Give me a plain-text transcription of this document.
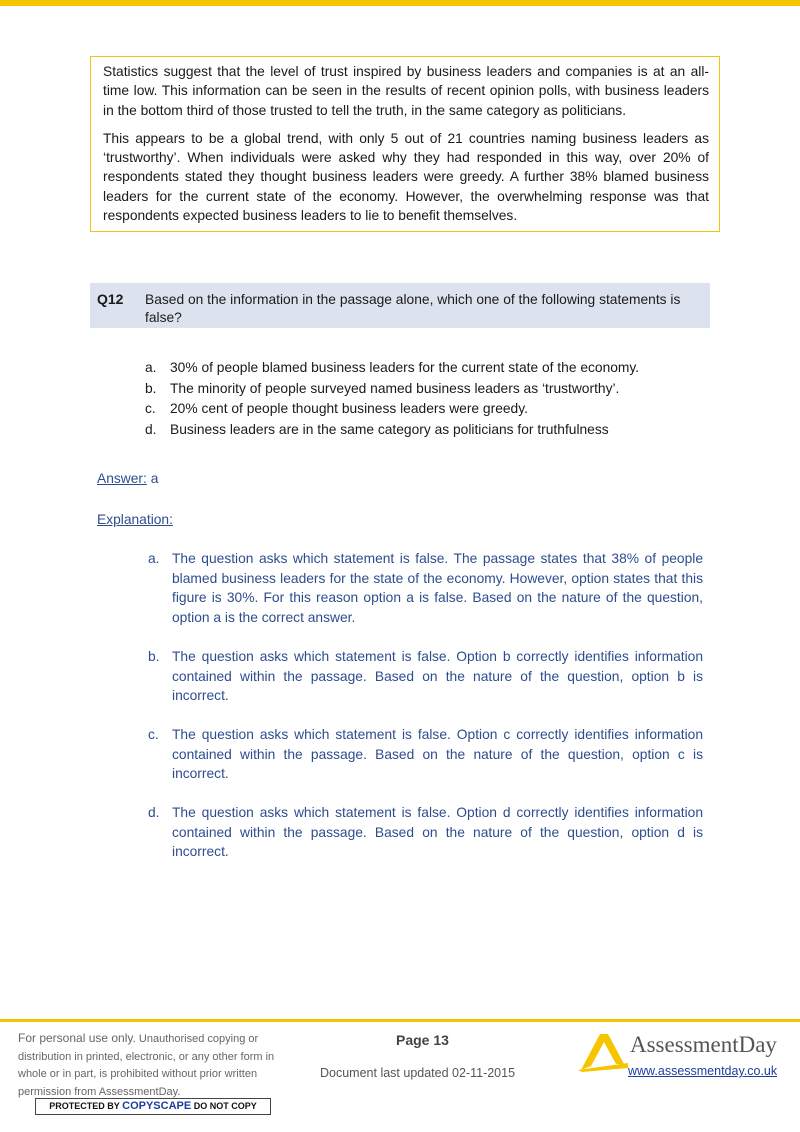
Statistics suggest that the level of trust inspired by business leaders and companies is at an all-time low. This information can be seen in the results of recent opinion polls, with business leaders in the bottom third of those trusted to tell the truth, in the same category as politicians.

This appears to be a global trend, with only 5 out of 21 countries naming business leaders as ‘trustworthy’. When individuals were asked why they had responded in this way, over 20% of respondents stated they thought business leaders were greedy. A further 38% blamed business leaders for the current state of the economy. However, the overwhelming response was that respondents expected business leaders to lie to benefit themselves.

Q12 Based on the information in the passage alone, which one of the following statements is false?
a. 30% of people blamed business leaders for the current state of the economy.
b. The minority of people surveyed named business leaders as ‘trustworthy’.
c.	20% cent of people thought business leaders were greedy.
d. Business leaders are in the same category as politicians for truthfulness
Answer: a
Explanation:
a. The question asks which statement is false. The passage states that 38% of people blamed business leaders for the state of the economy. However, option states that this figure is 30%. For this reason option a is false. Based on the nature of the question, option a is the correct answer.
b. The question asks which statement is false. Option b correctly identifies information contained within the passage. Based on the nature of the question, option b is incorrect.
c. The question asks which statement is false. Option c correctly identifies information contained within the passage. Based on the nature of the question, option c is incorrect.
d. The question asks which statement is false. Option d correctly identifies information contained within the passage. Based on the nature of the question, option d is incorrect.
For personal use only. Unauthorised copying or distribution in printed, electronic, or any other form in whole or in part, is prohibited without prior written permission from AssessmentDay.
PROTECTED BY COPYSCAPE DO NOT COPY
Page 13
Document last updated 02-11-2015
AssessmentDay
www.assessmentday.co.uk
